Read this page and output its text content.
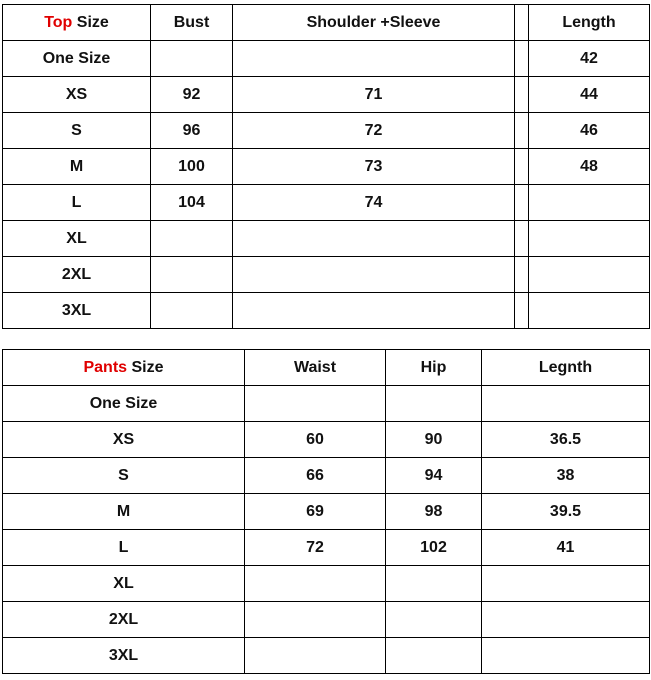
Top Size	Bust	Shoulder +Sleeve		Length
One Size				42
XS	92	71		44
S	96	72		46
M	100	73		48
L	104	74		
XL				
2XL				
3XL				
Pants Size	Waist	Hip	Legnth
One Size			
XS	60	90	36.5
S	66	94	38
M	69	98	39.5
L	72	102	41
XL			
2XL			
3XL			
